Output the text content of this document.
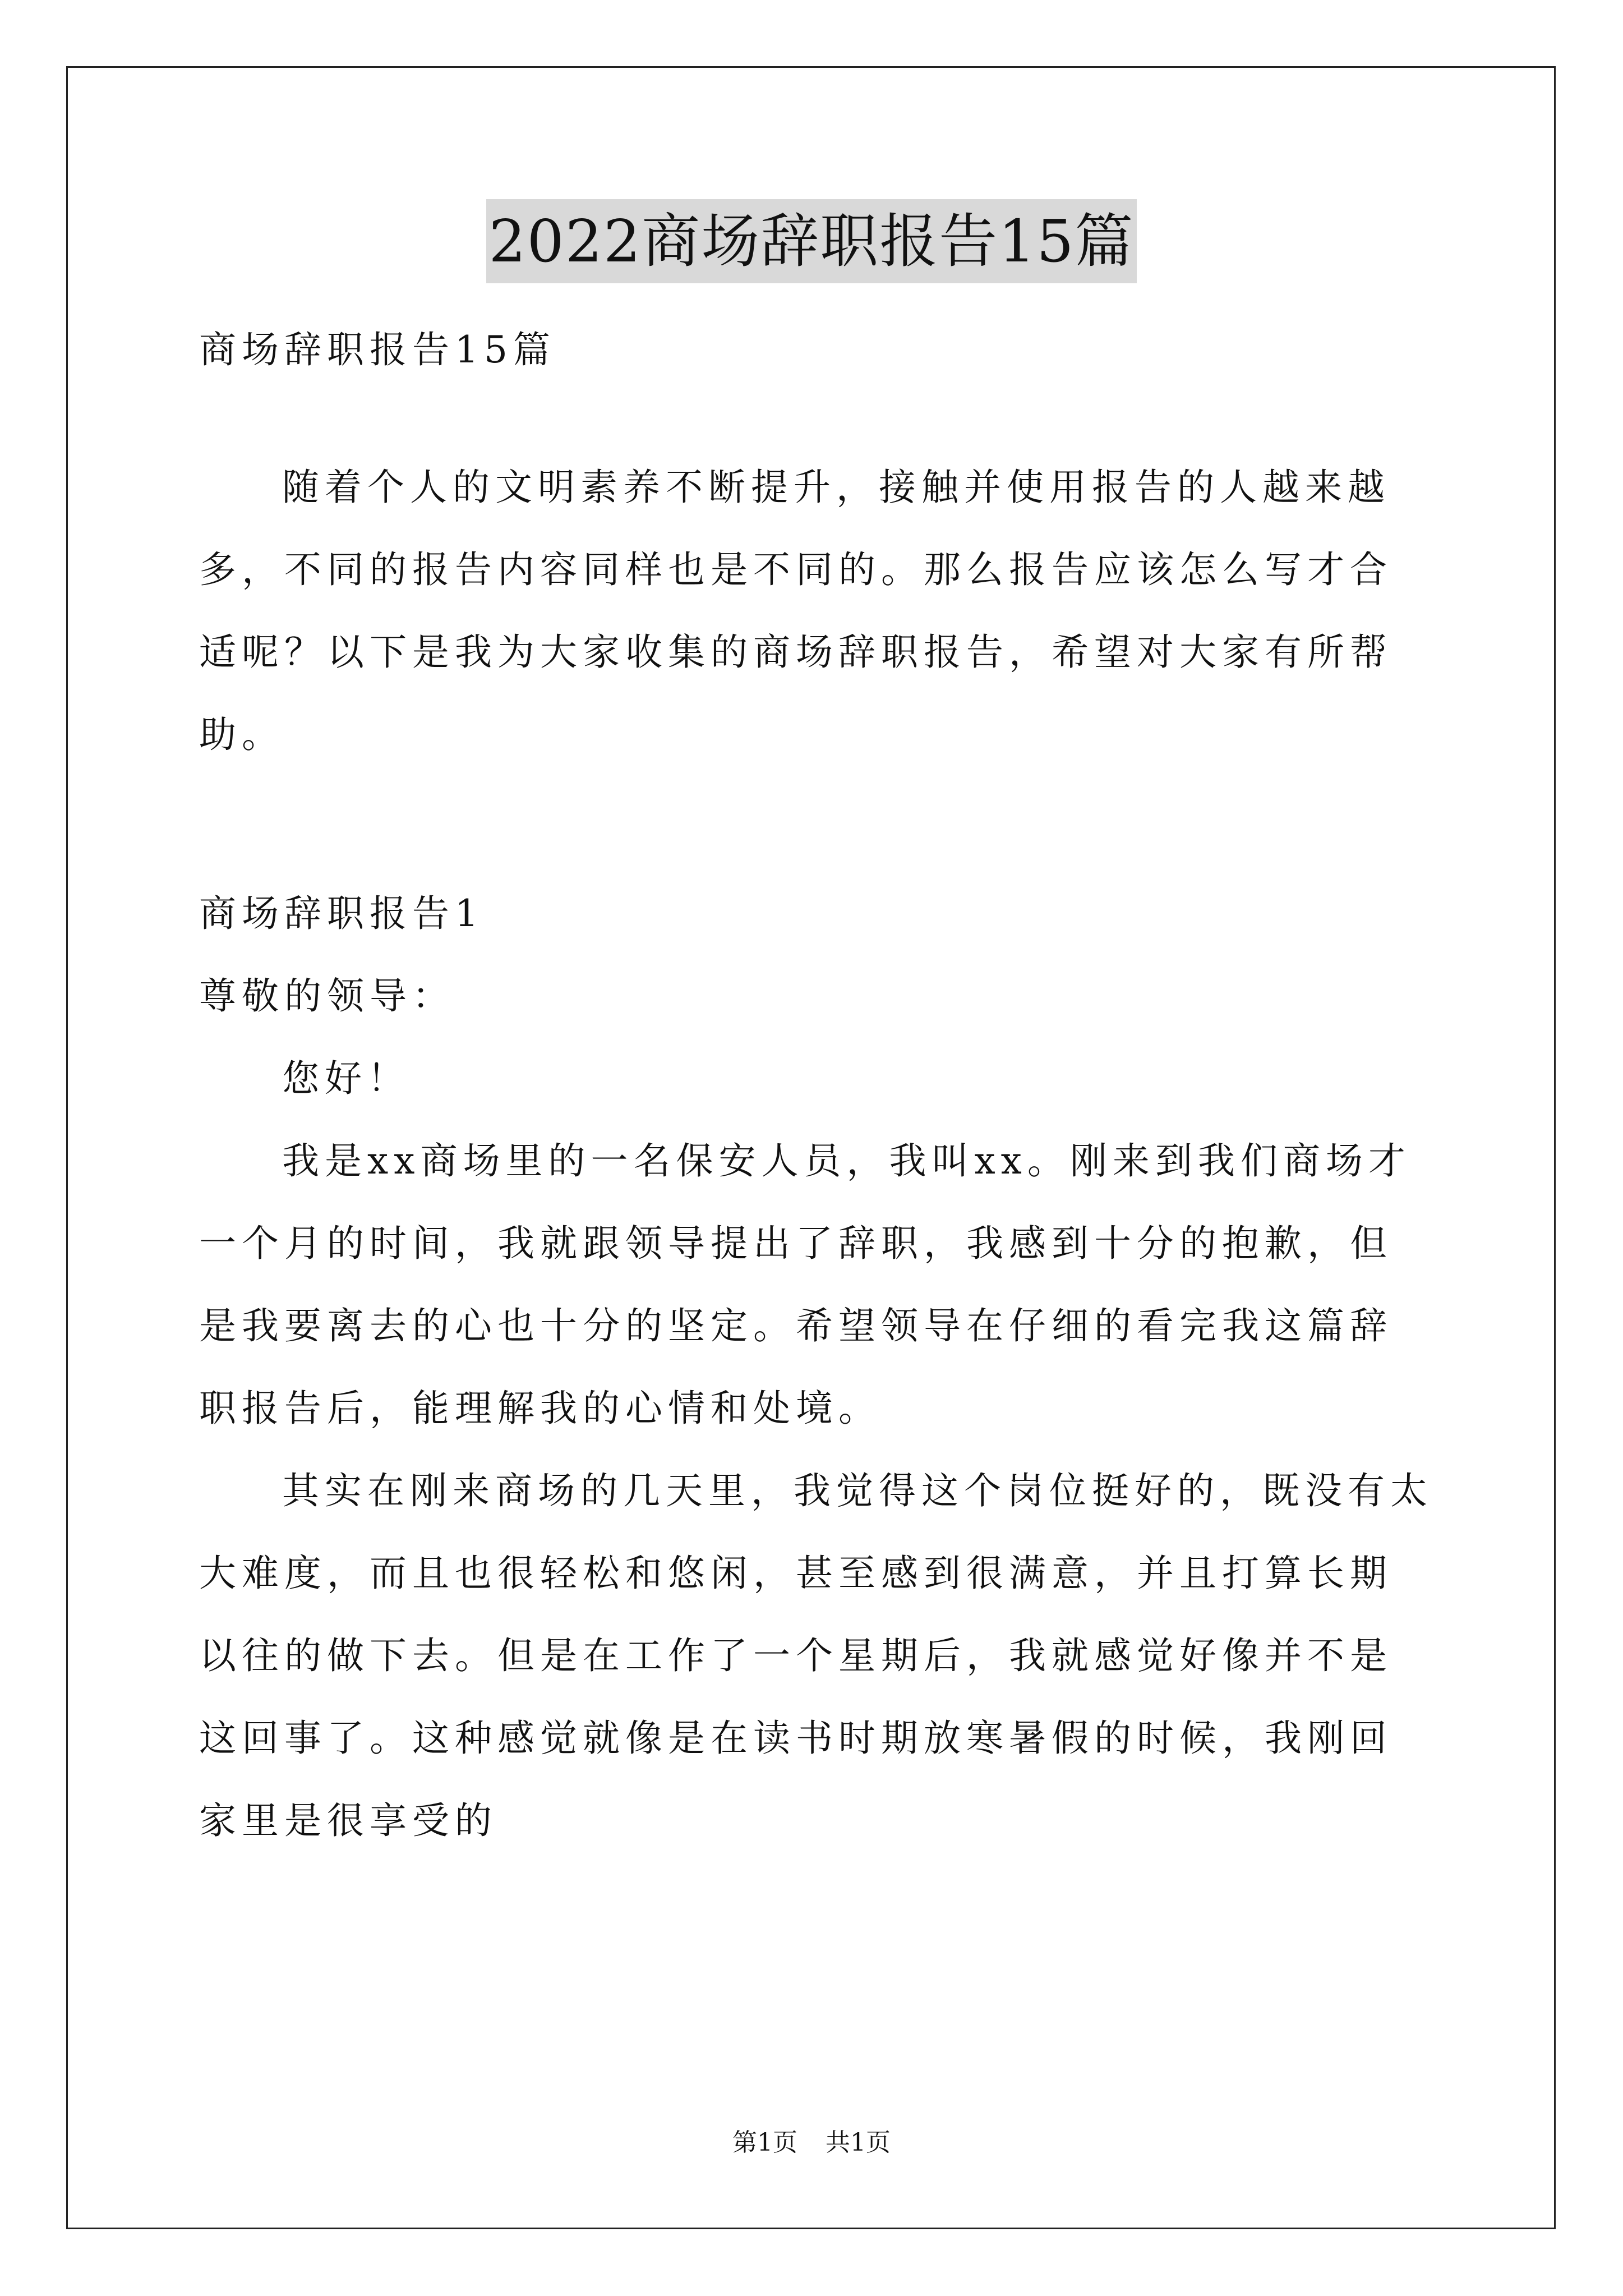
2022商场辞职报告15篇
商场辞职报告15篇
随着个人的文明素养不断提升，接触并使用报告的人越来越多，不同的报告内容同样也是不同的。那么报告应该怎么写才合适呢？以下是我为大家收集的商场辞职报告，希望对大家有所帮助。
商场辞职报告1
尊敬的领导：
您好！
我是xx商场里的一名保安人员，我叫xx。刚来到我们商场才一个月的时间，我就跟领导提出了辞职，我感到十分的抱歉，但是我要离去的心也十分的坚定。希望领导在仔细的看完我这篇辞职报告后，能理解我的心情和处境。
其实在刚来商场的几天里，我觉得这个岗位挺好的，既没有太大难度，而且也很轻松和悠闲，甚至感到很满意，并且打算长期以往的做下去。但是在工作了一个星期后，我就感觉好像并不是这回事了。这种感觉就像是在读书时期放寒暑假的时候，我刚回家里是很享受的
第1页 共1页
